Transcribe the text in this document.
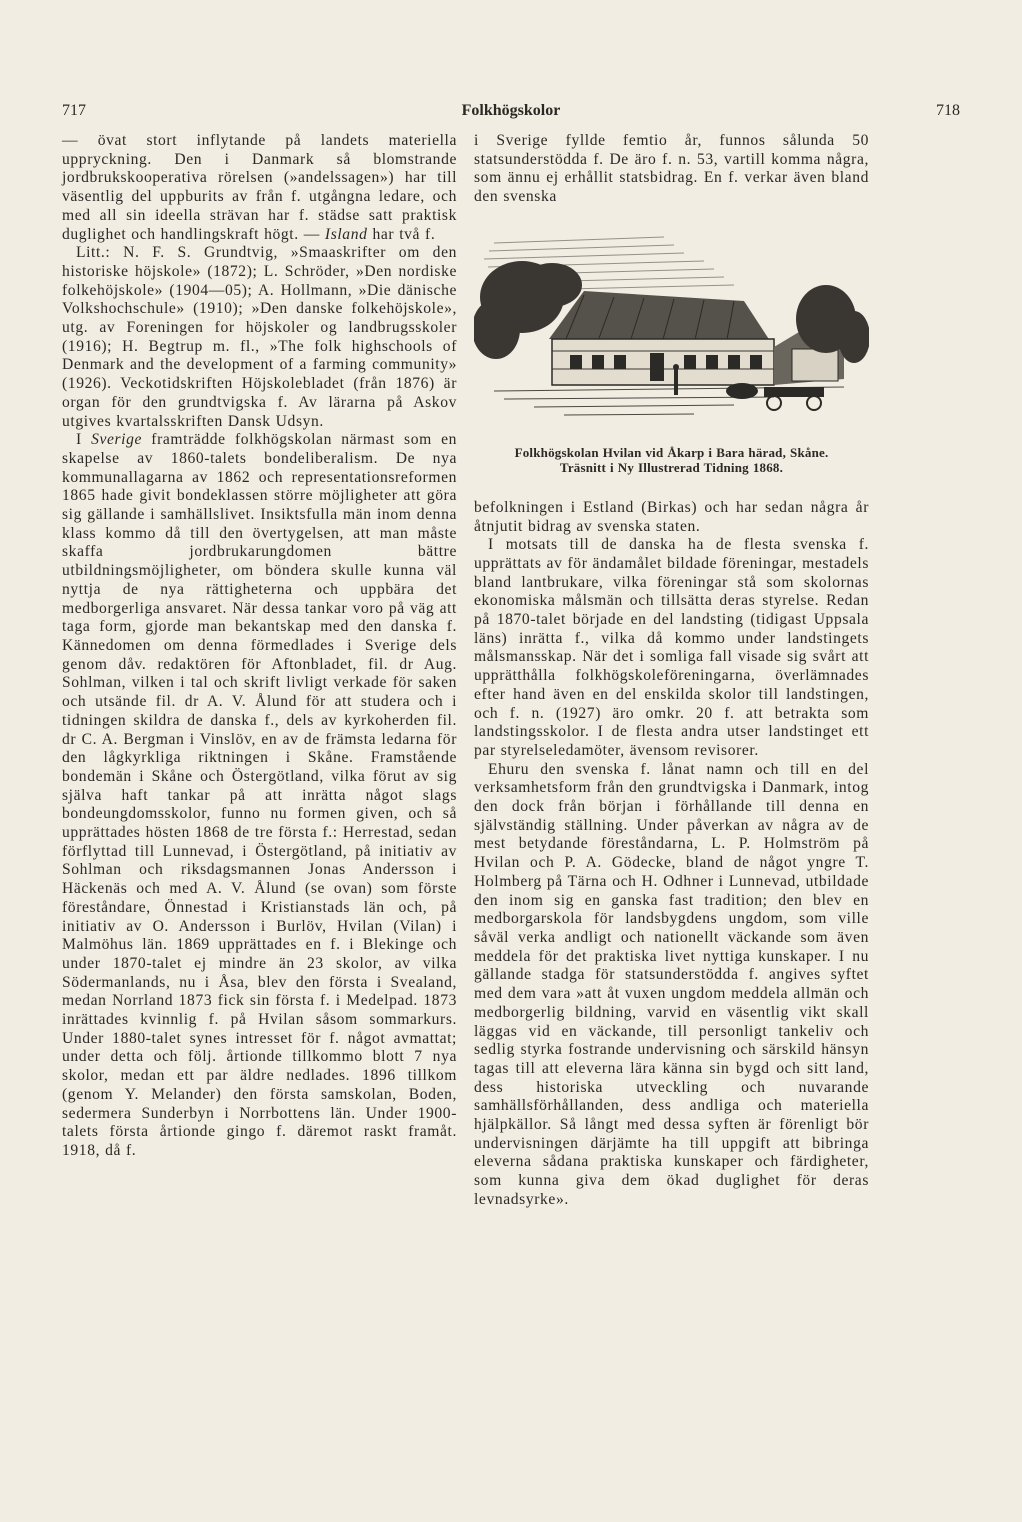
717	Folkhögskolor	718

— övat stort inflytande på landets materiella uppryckning. Den i Danmark så blomstrande jordbrukskooperativa rörelsen (»andelssagen») har till väsentlig del uppburits av från f. utgångna ledare, och med all sin ideella strävan har f. städse satt praktisk duglighet och handlingskraft högt. — Island har två f.

Litt.: N. F. S. Grundtvig, »Smaaskrifter om den historiske höjskole» (1872); L. Schröder, »Den nordiske folkehöjskole» (1904—05); A. Hollmann, »Die dänische Volkshochschule» (1910); »Den danske folkehöjskole», utg. av Foreningen for höjskoler og landbrugsskoler (1916); H. Begtrup m. fl., »The folk highschools of Denmark and the development of a farming community» (1926). Veckotidskriften Höjskolebladet (från 1876) är organ för den grundtvigska f. Av lärarna på Askov utgives kvartalsskriften Dansk Udsyn.

I Sverige framträdde folkhögskolan närmast som en skapelse av 1860-talets bondeliberalism. De nya kommunallagarna av 1862 och representationsreformen 1865 hade givit bondeklassen större möjligheter att göra sig gällande i samhällslivet. Insiktsfulla män inom denna klass kommo då till den övertygelsen, att man måste skaffa jordbrukarungdomen bättre utbildningsmöjligheter, om böndera skulle kunna väl nyttja de nya rättigheterna och uppbära det medborgerliga ansvaret. När dessa tankar voro på väg att taga form, gjorde man bekantskap med den danska f. Kännedomen om denna förmedlades i Sverige dels genom dåv. redaktören för Aftonbladet, fil. dr Aug. Sohlman, vilken i tal och skrift livligt verkade för saken och utsände fil. dr A. V. Ålund för att studera och i tidningen skildra de danska f., dels av kyrkoherden fil. dr C. A. Bergman i Vinslöv, en av de främsta ledarna för den lågkyrkliga riktningen i Skåne. Framstående bondemän i Skåne och Östergötland, vilka förut av sig själva haft tankar på att inrätta något slags bondeungdomsskolor, funno nu formen given, och så upprättades hösten 1868 de tre första f.: Herrestad, sedan förflyttad till Lunnevad, i Östergötland, på initiativ av Sohlman och riksdagsmannen Jonas Andersson i Häckenäs och med A. V. Ålund (se ovan) som förste föreståndare, Önnestad i Kristianstads län och, på initiativ av O. Andersson i Burlöv, Hvilan (Vilan) i Malmöhus län. 1869 upprättades en f. i Blekinge och under 1870-talet ej mindre än 23 skolor, av vilka Södermanlands, nu i Åsa, blev den första i Svealand, medan Norrland 1873 fick sin första f. i Medelpad. 1873 inrättades kvinnlig f. på Hvilan såsom sommarkurs. Under 1880-talet synes intresset för f. något avmattat; under detta och följ. årtionde tillkommo blott 7 nya skolor, medan ett par äldre nedlades. 1896 tillkom (genom Y. Melander) den första samskolan, Boden, sedermera Sunderbyn i Norrbottens län. Under 1900-talets första årtionde gingo f. däremot raskt framåt. 1918, då f.

i Sverige fyllde femtio år, funnos sålunda 50 statsunderstödda f. De äro f. n. 53, vartill komma några, som ännu ej erhållit statsbidrag. En f. verkar även bland den svenska

Folkhögskolan Hvilan vid Åkarp i Bara härad, Skåne.
Träsnitt i Ny Illustrerad Tidning 1868.

befolkningen i Estland (Birkas) och har sedan några år åtnjutit bidrag av svenska staten.

I motsats till de danska ha de flesta svenska f. upprättats av för ändamålet bildade föreningar, mestadels bland lantbrukare, vilka föreningar stå som skolornas ekonomiska målsmän och tillsätta deras styrelse. Redan på 1870-talet började en del landsting (tidigast Uppsala läns) inrätta f., vilka då kommo under landstingets målsmansskap. När det i somliga fall visade sig svårt att upprätthålla folkhögskoleföreningarna, överlämnades efter hand även en del enskilda skolor till landstingen, och f. n. (1927) äro omkr. 20 f. att betrakta som landstingsskolor. I de flesta andra utser landstinget ett par styrelseledamöter, ävensom revisorer.

Ehuru den svenska f. lånat namn och till en del verksamhetsform från den grundtvigska i Danmark, intog den dock från början i förhållande till denna en självständig ställning. Under påverkan av några av de mest betydande föreståndarna, L. P. Holmström på Hvilan och P. A. Gödecke, bland de något yngre T. Holmberg på Tärna och H. Odhner i Lunnevad, utbildade den inom sig en ganska fast tradition; den blev en medborgarskola för landsbygdens ungdom, som ville såväl verka andligt och nationellt väckande som även meddela för det praktiska livet nyttiga kunskaper. I nu gällande stadga för statsunderstödda f. angives syftet med dem vara »att åt vuxen ungdom meddela allmän och medborgerlig bildning, varvid en väsentlig vikt skall läggas vid en väckande, till personligt tankeliv och sedlig styrka fostrande undervisning och särskild hänsyn tagas till att eleverna lära känna sin bygd och sitt land, dess historiska utveckling och nuvarande samhällsförhållanden, dess andliga och materiella hjälpkällor. Så långt med dessa syften är förenligt bör undervisningen därjämte ha till uppgift att bibringa eleverna sådana praktiska kunskaper och färdigheter, som kunna giva dem ökad duglighet för deras levnadsyrke».
